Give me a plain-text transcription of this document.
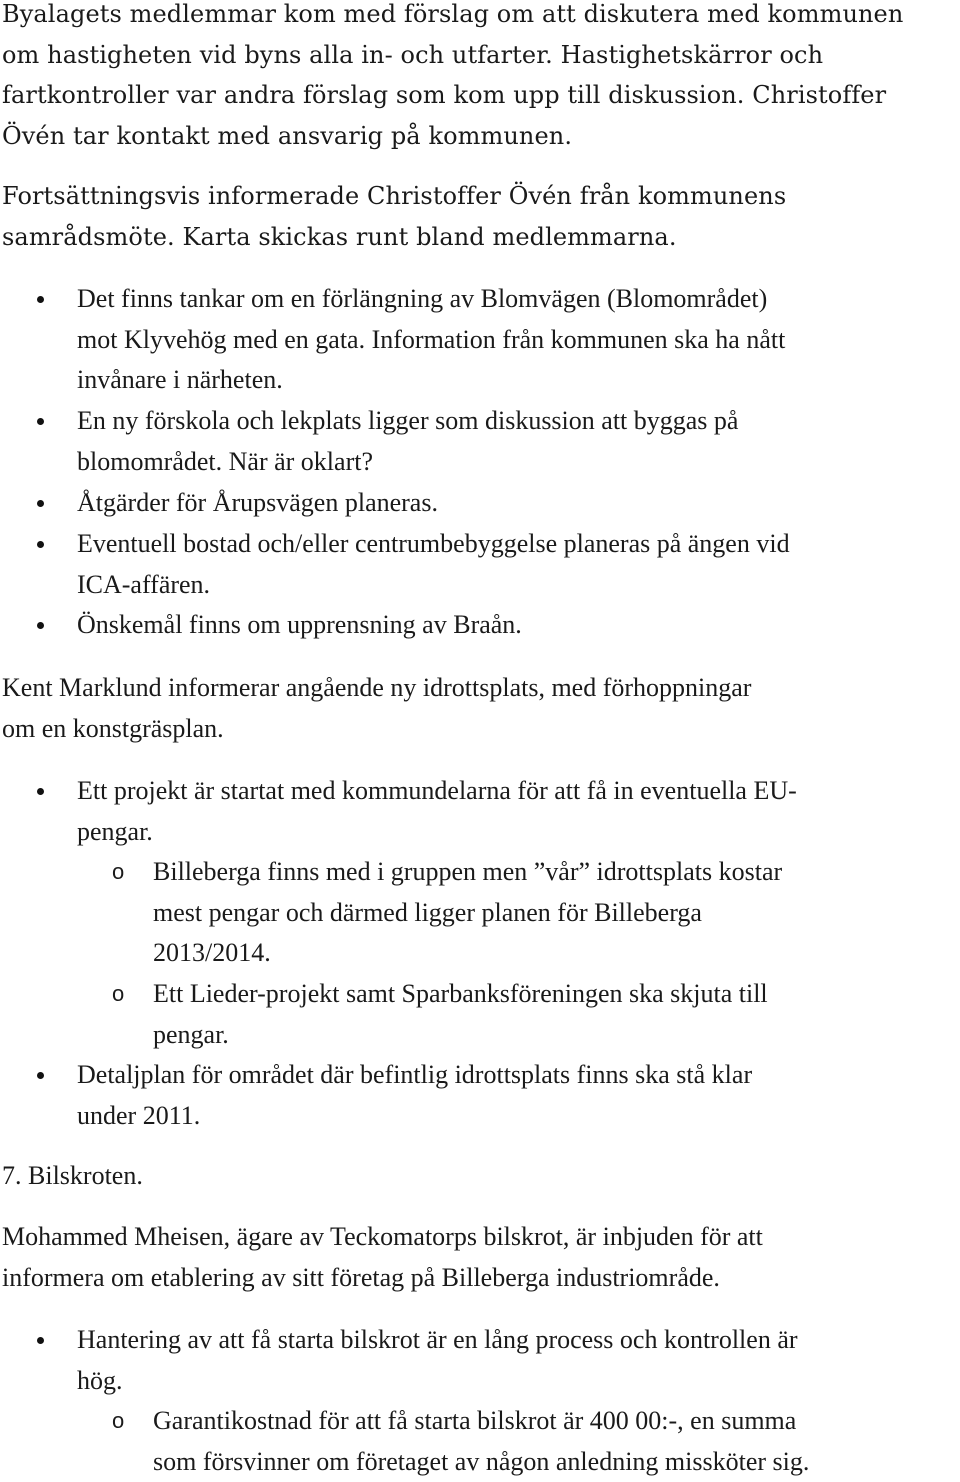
Byalagets medlemmar kom med förslag om att diskutera med kommunen
om hastigheten vid byns alla in- och utfarter. Hastighetskärror och
fartkontroller var andra förslag som kom upp till diskussion. Christoffer
Övén tar kontakt med ansvarig på kommunen.
Fortsättningsvis informerade Christoffer Övén från kommunens
samrådsmöte. Karta skickas runt bland medlemmarna.
Det finns tankar om en förlängning av Blomvägen (Blomområdet)
mot Klyvehög med en gata. Information från kommunen ska ha nått
invånare i närheten.
En ny förskola och lekplats ligger som diskussion att byggas på
blomområdet. När är oklart?
Åtgärder för Årupsvägen planeras.
Eventuell bostad och/eller centrumbebyggelse planeras på ängen vid
ICA-affären.
Önskemål finns om upprensning av Braån.
Kent Marklund informerar angående ny idrottsplats, med förhoppningar
om en konstgräsplan.
Ett projekt är startat med kommundelarna för att få in eventuella EU-
pengar.
o Billeberga finns med i gruppen men ”vår” idrottsplats kostar
mest pengar och därmed ligger planen för Billeberga
2013/2014.
o Ett Lieder-projekt samt Sparbanksföreningen ska skjuta till
pengar.
Detaljplan för området där befintlig idrottsplats finns ska stå klar
under 2011.
7. Bilskroten.
Mohammed Mheisen, ägare av Teckomatorps bilskrot, är inbjuden för att
informera om etablering av sitt företag på Billeberga industriområde.
Hantering av att få starta bilskrot är en lång process och kontrollen är
hög.
o Garantikostnad för att få starta bilskrot är 400 00:-, en summa
som försvinner om företaget av någon anledning missköter sig.
